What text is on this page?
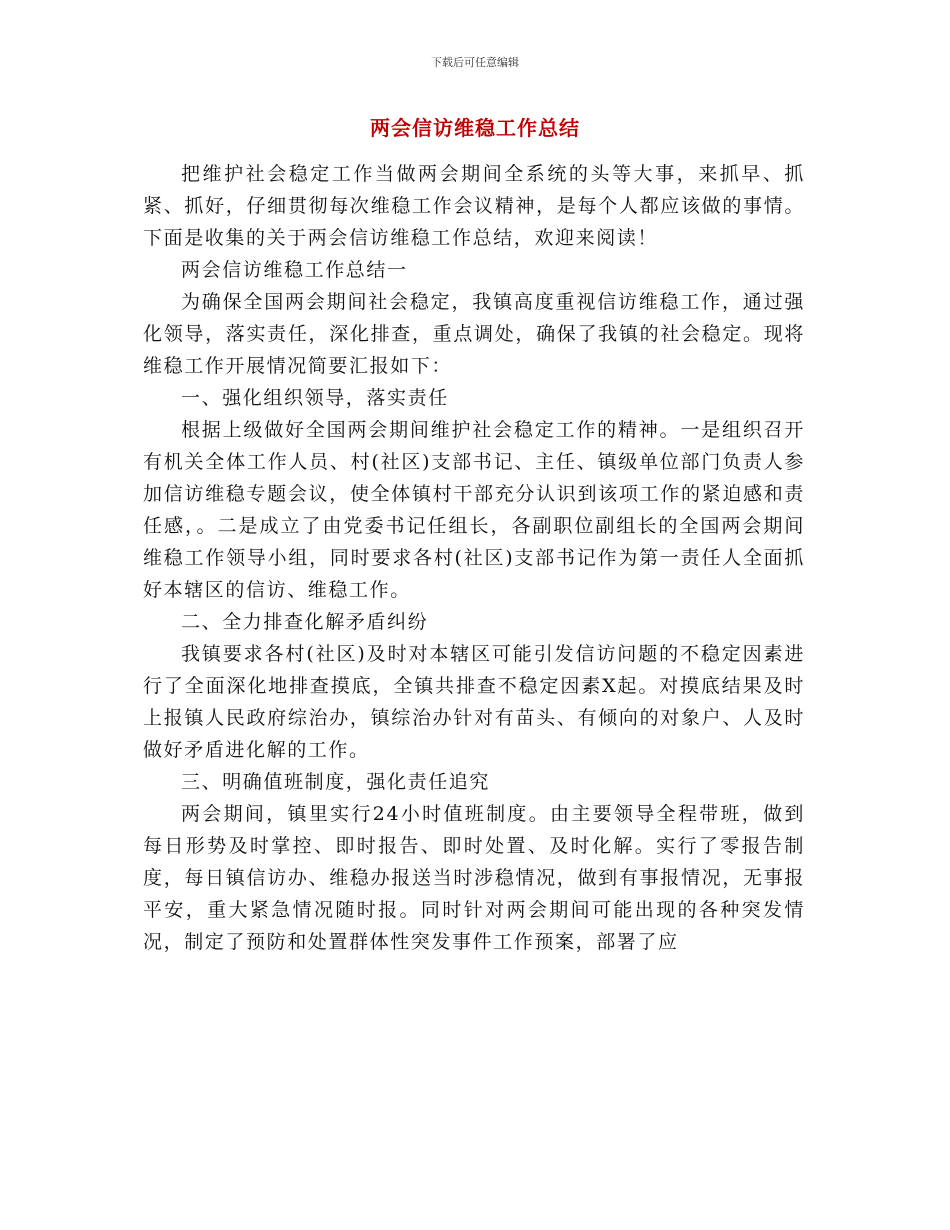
下载后可任意编辑
两会信访维稳工作总结

把维护社会稳定工作当做两会期间全系统的头等大事，来抓早、抓紧、抓好，仔细贯彻每次维稳工作会议精神，是每个人都应该做的事情。下面是收集的关于两会信访维稳工作总结，欢迎来阅读！

两会信访维稳工作总结一

为确保全国两会期间社会稳定，我镇高度重视信访维稳工作，通过强化领导，落实责任，深化排查，重点调处，确保了我镇的社会稳定。现将维稳工作开展情况简要汇报如下：

一、强化组织领导，落实责任

根据上级做好全国两会期间维护社会稳定工作的精神。一是组织召开有机关全体工作人员、村(社区)支部书记、主任、镇级单位部门负责人参加信访维稳专题会议，使全体镇村干部充分认识到该项工作的紧迫感和责任感，。二是成立了由党委书记任组长，各副职位副组长的全国两会期间维稳工作领导小组，同时要求各村(社区)支部书记作为第一责任人全面抓好本辖区的信访、维稳工作。

二、全力排查化解矛盾纠纷

我镇要求各村(社区)及时对本辖区可能引发信访问题的不稳定因素进行了全面深化地排查摸底，全镇共排查不稳定因素X起。对摸底结果及时上报镇人民政府综治办，镇综治办针对有苗头、有倾向的对象户、人及时做好矛盾进化解的工作。

三、明确值班制度，强化责任追究

两会期间，镇里实行24小时值班制度。由主要领导全程带班，做到每日形势及时掌控、即时报告、即时处置、及时化解。实行了零报告制度，每日镇信访办、维稳办报送当时涉稳情况，做到有事报情况，无事报平安，重大紧急情况随时报。同时针对两会期间可能出现的各种突发情况，制定了预防和处置群体性突发事件工作预案，部署了应
